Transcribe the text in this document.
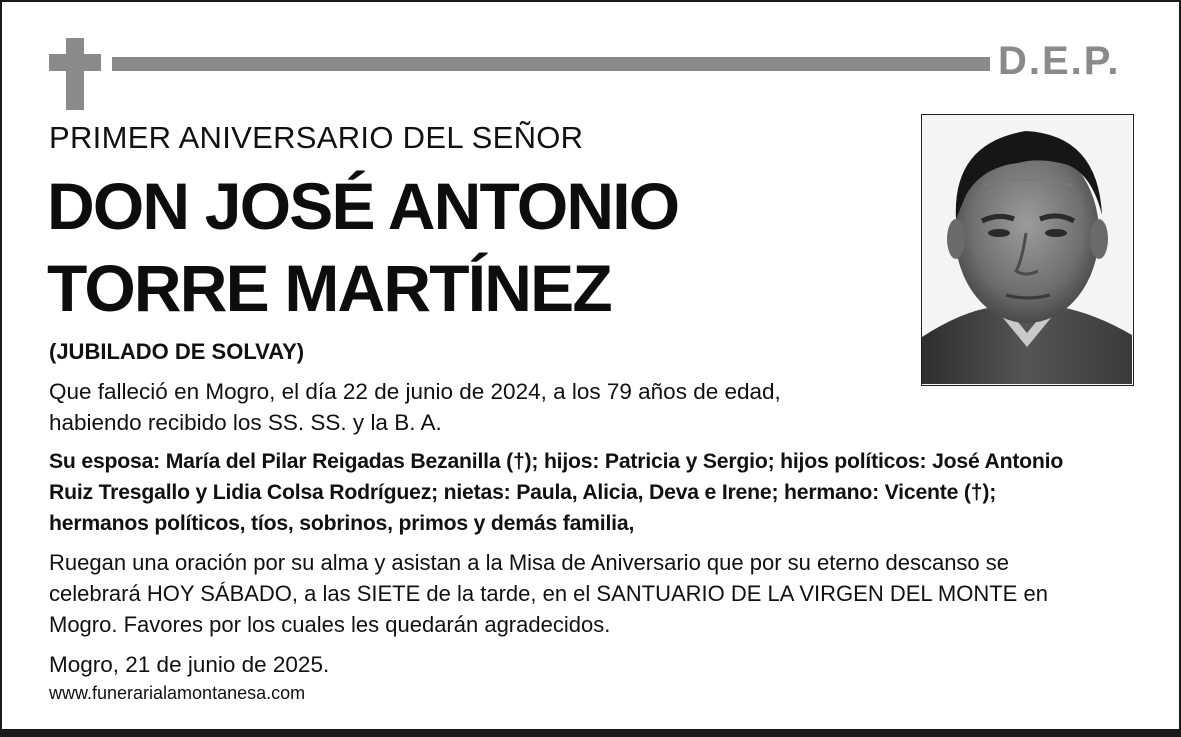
D.E.P.
PRIMER ANIVERSARIO DEL SEÑOR
DON JOSÉ ANTONIO
TORRE MARTÍNEZ
(JUBILADO DE SOLVAY)
Que falleció en Mogro, el día 22 de junio de 2024, a los 79 años de edad,
habiendo recibido los SS. SS. y la B. A.
Su esposa: María del Pilar Reigadas Bezanilla (†); hijos: Patricia y Sergio; hijos políticos: José Antonio
Ruiz Tresgallo y Lidia Colsa Rodríguez; nietas: Paula, Alicia, Deva e Irene; hermano: Vicente (†);
hermanos políticos, tíos, sobrinos, primos y demás familia,
Ruegan una oración por su alma y asistan a la Misa de Aniversario que por su eterno descanso se
celebrará HOY SÁBADO, a las SIETE de la tarde, en el SANTUARIO DE LA VIRGEN DEL MONTE en
Mogro. Favores por los cuales les quedarán agradecidos.
Mogro, 21 de junio de 2025.
www.funerarialamontanesa.com
